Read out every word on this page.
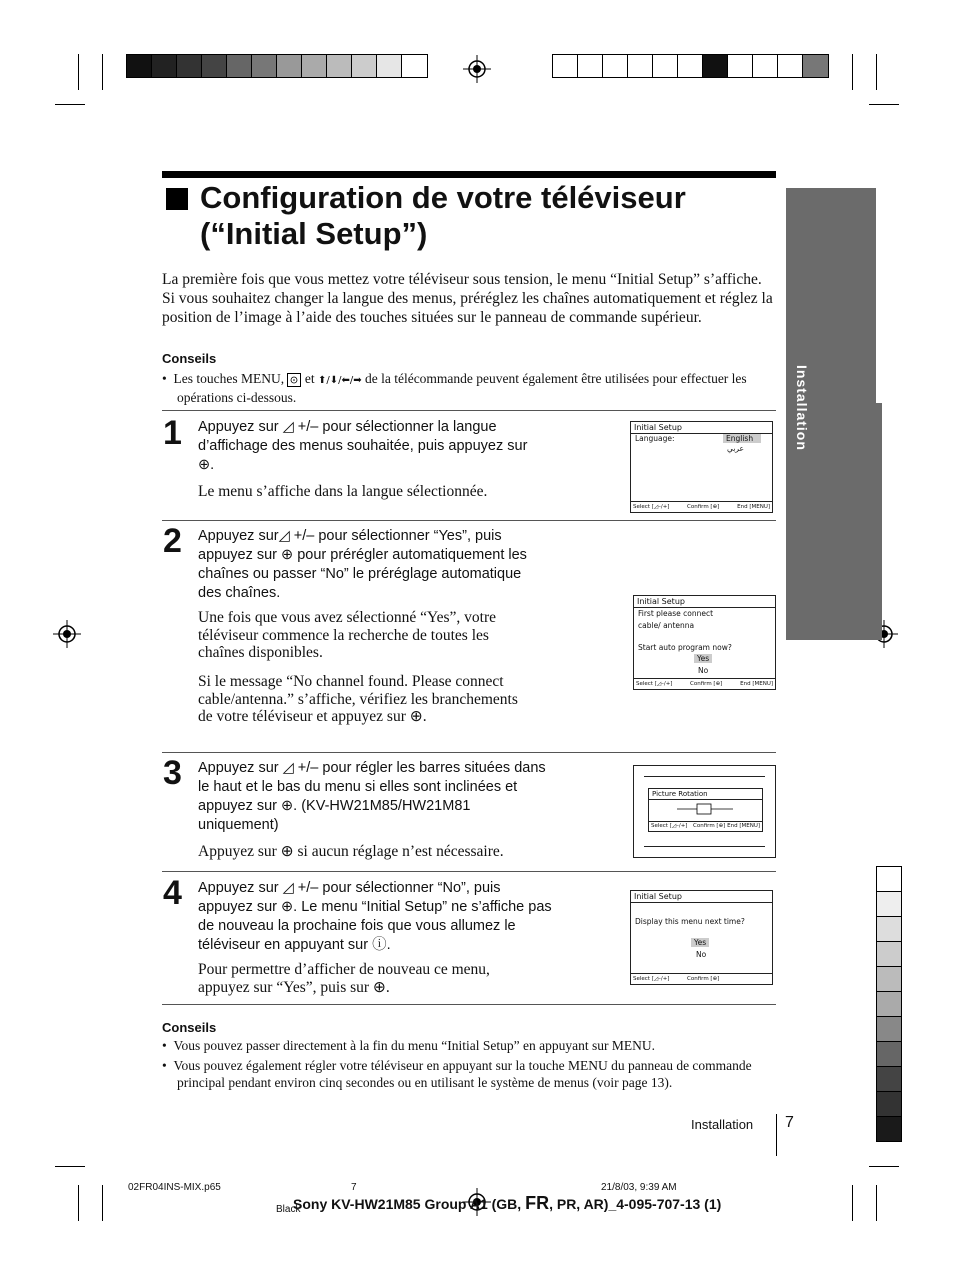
Installation
Configuration de votre téléviseur
(“Initial Setup”)
La première fois que vous mettez votre téléviseur sous tension, le menu “Initial Setup” s’affiche. Si vous souhaitez changer la langue des menus, préréglez les chaînes automatiquement et réglez la position de l’image à l’aide des touches situées sur le panneau de commande supérieur.
Conseils
•  Les touches MENU, et ⬆/⬇/⬅/➡ de la télécommande peuvent également être utilisées pour effectuer les opérations ci-dessous.
1 Appuyez sur ◿ +/– pour sélectionner la langue d’affichage des menus souhaitée, puis appuyez sur ⊕.
Le menu s’affiche dans la langue sélectionnée.
Initial Setup
Language:	English
عربي
Select [◿–/+]	Confirm [⊕]	End [MENU]
2 Appuyez sur◿ +/– pour sélectionner “Yes”, puis appuyez sur ⊕ pour prérégler automatiquement les chaînes ou passer “No” le préréglage automatique des chaînes.
Une fois que vous avez sélectionné “Yes”, votre téléviseur commence la recherche de toutes les chaînes disponibles.
Si le message “No channel found. Please connect cable/antenna.” s’affiche, vérifiez les branchements de votre téléviseur et appuyez sur ⊕.
Initial Setup
First please connect
cable/ antenna
Start auto program now?
Yes
No
Select [◿–/+]	Confirm [⊕]	End [MENU]
3 Appuyez sur ◿ +/– pour régler les barres situées dans le haut et le bas du menu si elles sont inclinées et appuyez sur ⊕. (KV-HW21M85/HW21M81 uniquement)
Appuyez sur ⊕ si aucun réglage n’est nécessaire.
Picture Rotation
Select [◿–/+] Confirm [⊕] End [MENU]
4 Appuyez sur ◿ +/– pour sélectionner “No”, puis appuyez sur ⊕. Le menu “Initial Setup” ne s’affiche pas de nouveau la prochaine fois que vous allumez le téléviseur en appuyant sur ⓘ.
Pour permettre d’afficher de nouveau ce menu, appuyez sur “Yes”, puis sur ⊕.
Initial Setup
Display this menu next time?
Yes
No
Select [◿–/+]	Confirm [⊕]
Conseils
•  Vous pouvez passer directement à la fin du menu “Initial Setup” en appuyant sur MENU.
•  Vous pouvez également régler votre téléviseur en appuyant sur la touche MENU du panneau de commande principal pendant environ cinq secondes ou en utilisant le système de menus (voir page 13).
Installation 7
02FR04INS-MIX.p65	7	21/8/03, 9:39 AM
Black
Sony KV-HW21M85 Group A1 (GB, FR, PR, AR)_4-095-707-13 (1)
